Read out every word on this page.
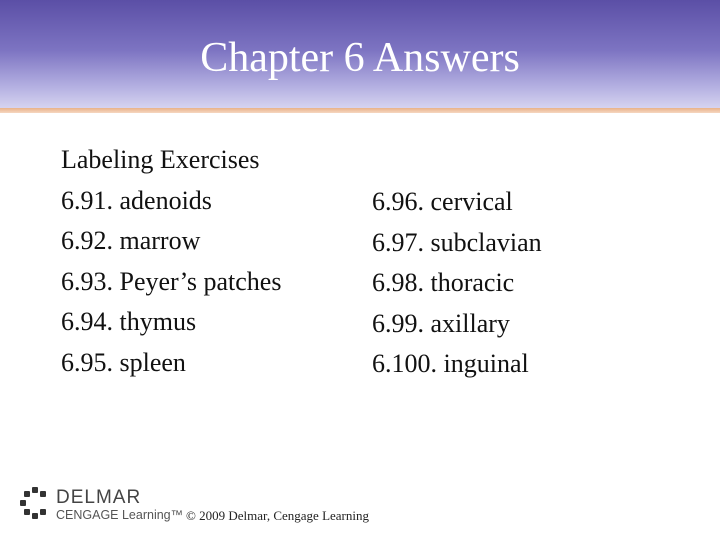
Chapter 6 Answers
Labeling Exercises
6.91. adenoids
6.92. marrow
6.93. Peyer’s patches
6.94. thymus
6.95. spleen
6.96. cervical
6.97. subclavian
6.98. thoracic
6.99. axillary
6.100. inguinal
DELMAR
CENGAGE Learning™ © 2009 Delmar, Cengage Learning
